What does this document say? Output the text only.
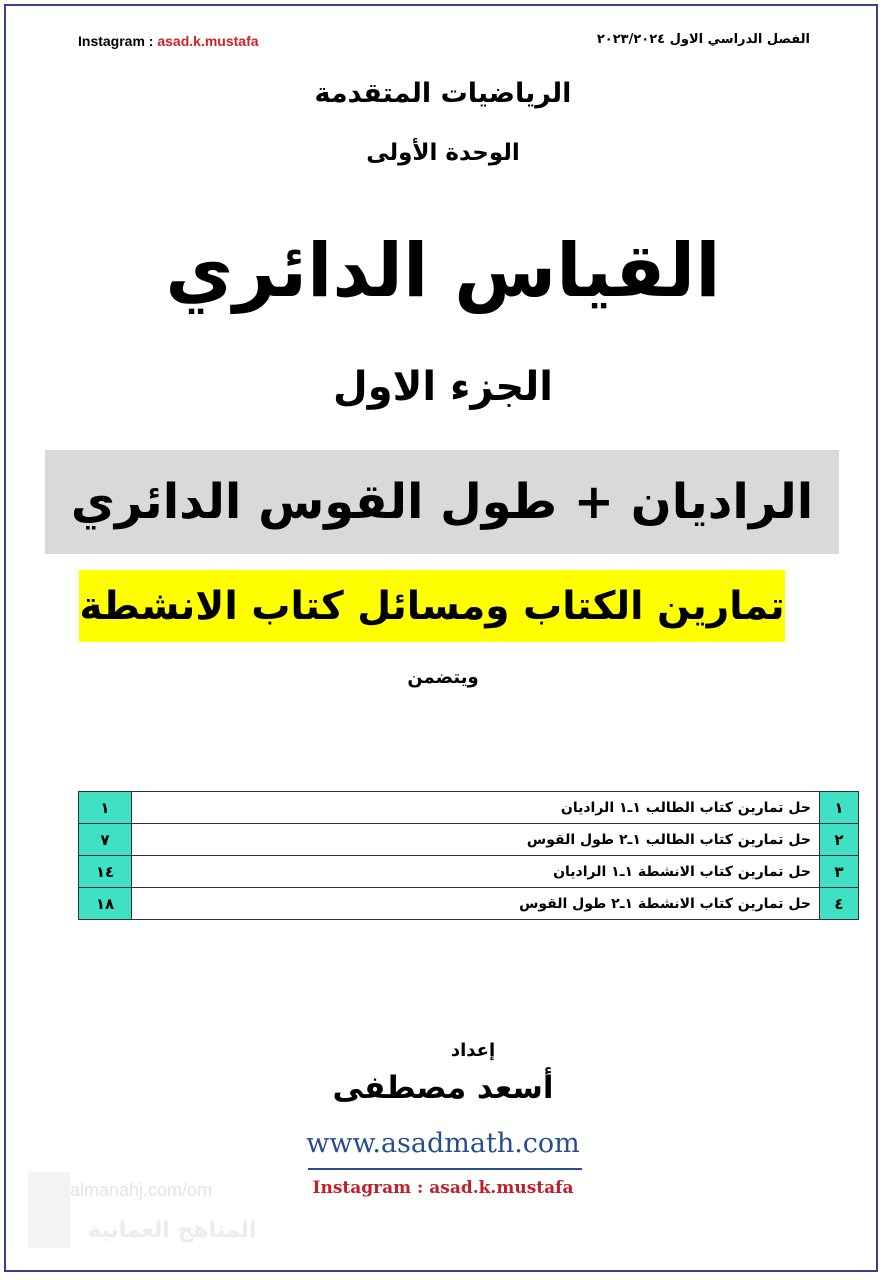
Instagram : asad.k.mustafa	الفصل الدراسي الاول ٢٠٢٣/٢٠٢٤
الرياضيات المتقدمة
الوحدة الأولى
القياس الدائري
الجزء الاول
الراديان + طول القوس الدائري
تمارين الكتاب ومسائل كتاب الانشطة
ويتضمن
١	حل تمارين كتاب الطالب ١ـ١ الراديان	١
٢	حل تمارين كتاب الطالب ١ـ٢ طول القوس	٧
٣	حل تمارين كتاب الانشطة ١ـ١ الراديان	١٤
٤	حل تمارين كتاب الانشطة ١ـ٢ طول القوس	١٨
إعداد
أسعد مصطفى
www.asadmath.com
Instagram : asad.k.mustafa
almanahj.com/om
المناهج العمانية
